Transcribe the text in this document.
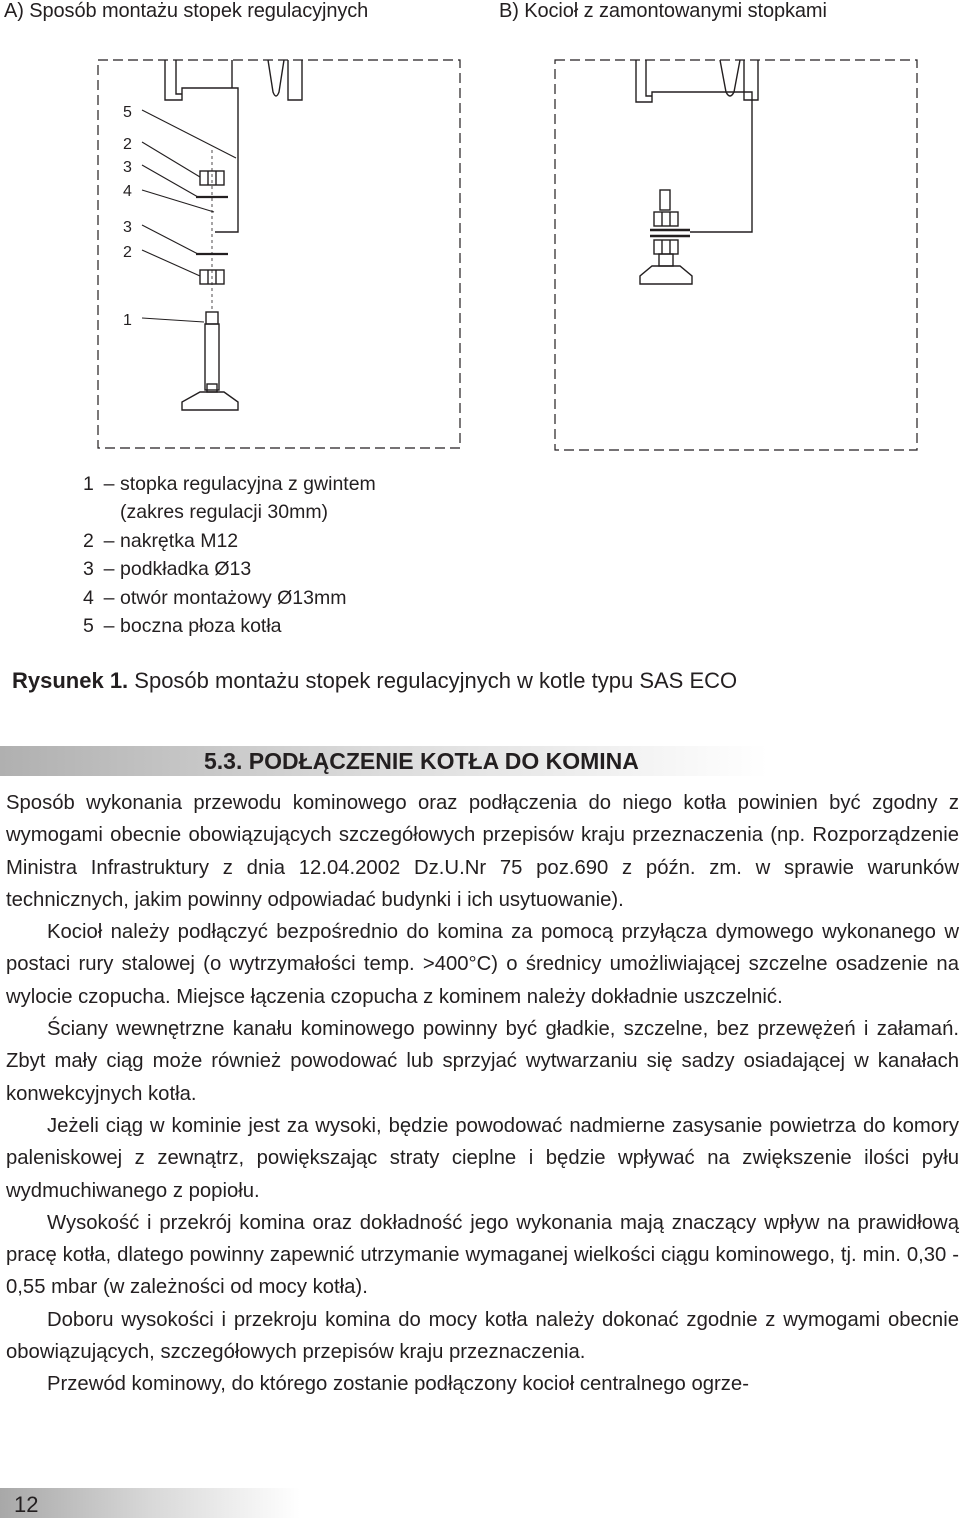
A) Sposób montażu stopek regulacyjnych	B) Kocioł z zamontowanymi stopkami
5
2
3
4
3
2
1
1 – stopka regulacyjna z gwintem
(zakres regulacji 30mm)
2 – nakrętka M12
3 – podkładka Ø13
4 – otwór montażowy Ø13mm
5 – boczna płoza kotła
Rysunek 1. Sposób montażu stopek regulacyjnych w kotle typu SAS ECO
5.3. PODŁĄCZENIE KOTŁA DO KOMINA

Sposób wykonania przewodu kominowego oraz podłączenia do niego kotła powinien być zgodny z wymogami obecnie obowiązujących szczegółowych przepisów kraju przeznaczenia (np. Rozporządzenie Ministra Infrastruktury z dnia 12.04.2002 Dz.U.Nr 75 poz.690 z późn. zm. w sprawie warunków technicznych, jakim powinny odpowiadać budynki i ich usytuowanie).

Kocioł należy podłączyć bezpośrednio do komina za pomocą przyłącza dymowego wykonanego w postaci rury stalowej (o wytrzymałości temp. >400°C) o średnicy umożliwiającej szczelne osadzenie na wylocie czopucha. Miejsce łączenia czopucha z kominem należy dokładnie uszczelnić.

Ściany wewnętrzne kanału kominowego powinny być gładkie, szczelne, bez przewężeń i załamań. Zbyt mały ciąg może również powodować lub sprzyjać wytwarzaniu się sadzy osiadającej w kanałach konwekcyjnych kotła.

Jeżeli ciąg w kominie jest za wysoki, będzie powodować nadmierne zasysanie powietrza do komory paleniskowej z zewnątrz, powiększając straty cieplne i będzie wpływać na zwiększenie ilości pyłu wydmuchiwanego z popiołu.

Wysokość i przekrój komina oraz dokładność jego wykonania mają znaczący wpływ na prawidłową pracę kotła, dlatego powinny zapewnić utrzymanie wymaganej wielkości ciągu kominowego, tj. min. 0,30 - 0,55 mbar (w zależności od mocy kotła).

Doboru wysokości i przekroju komina do mocy kotła należy dokonać zgodnie z wymogami obecnie obowiązujących, szczegółowych przepisów kraju przeznaczenia.

Przewód kominowy, do którego zostanie podłączony kocioł centralnego ogrze-

12
